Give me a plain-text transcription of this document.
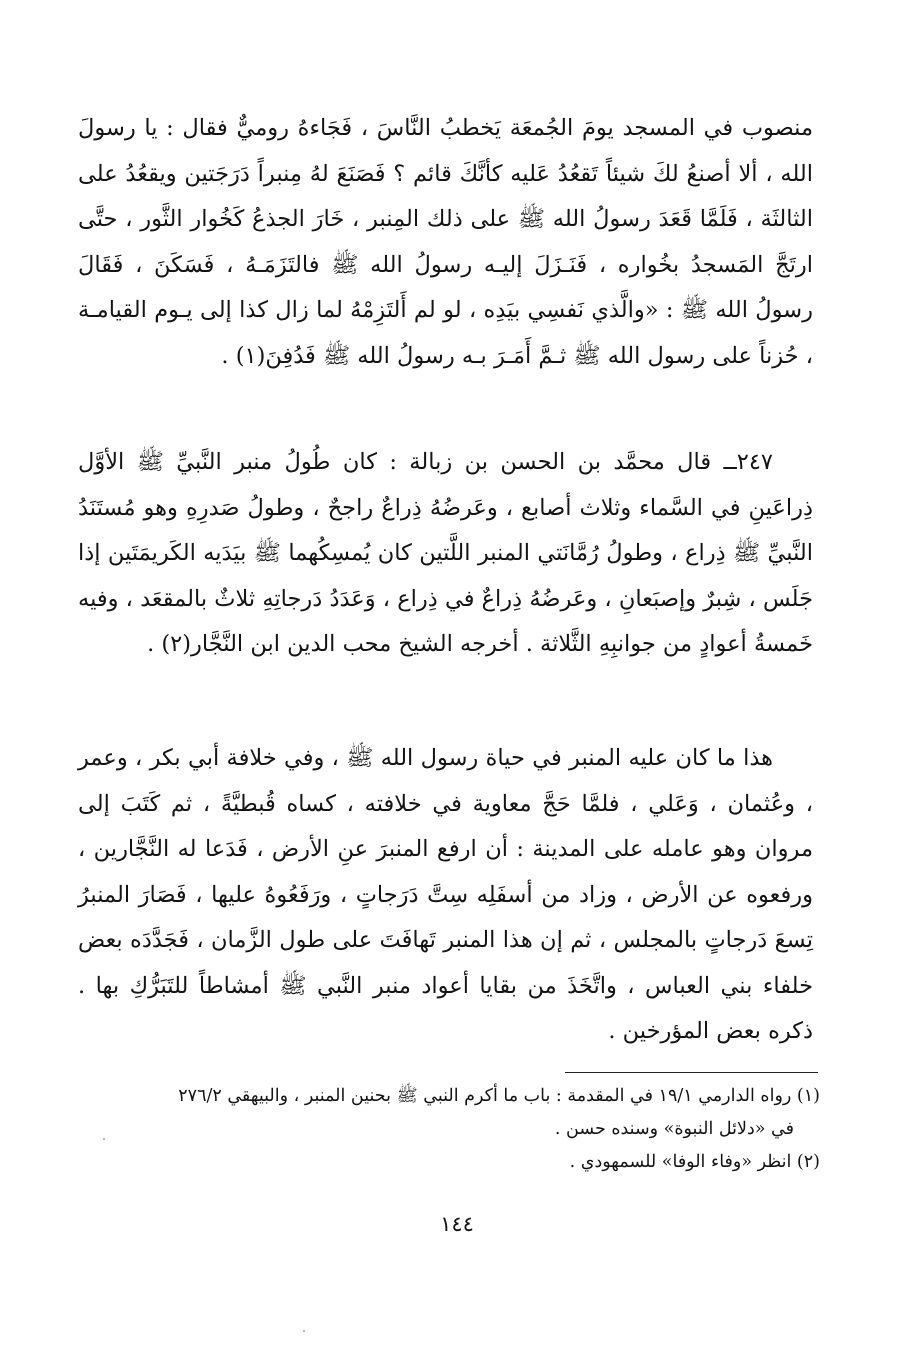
منصوب في المسجد يومَ الجُمعَة يَخطبُ النَّاسَ ، فَجَاءهُ روميٌّ فقال : يا رسولَ الله ، ألا أصنعُ لكَ شيئاً تَقعُدُ عَليه كأنَّكَ قائم ؟ فَصَنَعَ لهُ مِنبراً دَرَجَتين ويقعُدُ على الثالثَة ، فَلَمَّا قَعَدَ رسولُ الله ﷺ على ذلك المِنبر ، خَارَ الجذعُ كَخُوار الثَّور ، حتَّى ارتَجَّ المَسجدُ بخُواره ، فَنَـزَلَ إليـه رسولُ الله ﷺ فالتَزَمَـهُ ، فَسَكَنَ ، فَقَالَ رسولُ الله ﷺ : «والَّذي نَفسِي بيَدِه ، لو لم أَلتَزِمْهُ لما زال كذا إلى يـوم القيامـة ، حُزناً على رسول الله ﷺ ثـمَّ أَمَـرَ بـه رسولُ الله ﷺ فَدُفِنَ(١) .

٢٤٧ــ قال محمَّد بن الحسن بن زبالة : كان طُولُ منبر النَّبيِّ ﷺ الأوَّل ذِراعَينِ في السَّماء وثلاث أصابع ، وعَرضُهُ ذِراعٌ راجحٌ ، وطولُ صَدرِهِ وهو مُستَنَدُ النَّبيِّ ﷺ ذِراع ، وطولُ رُمَّانَتي المنبر اللَّتين كان يُمسِكُهما ﷺ بيَدَيه الكَريمَتَين إذا جَلَس ، شِبرٌ وإصبَعانِ ، وعَرضُهُ ذِراعٌ في ذِراع ، وَعَدَدُ دَرجاتِهِ ثلاثٌ بالمقعَد ، وفيه خَمسةُ أعوادٍ من جوانبِهِ الثَّلاثة . أخرجه الشيخ محب الدين ابن النَّجَّار(٢) .

هذا ما كان عليه المنبر في حياة رسول الله ﷺ ، وفي خلافة أبي بكر ، وعمر ، وعُثمان ، وَعَلي ، فلمَّا حَجَّ معاوية في خلافته ، كساه قُبطيَّةً ، ثم كَتَبَ إلى مروان وهو عامله على المدينة : أن ارفع المنبرَ عنِ الأرض ، فَدَعا له النَّجَّارين ، ورفعوه عن الأرض ، وزاد من أسفَلِه سِتَّ دَرَجاتٍ ، ورَفَعُوهُ عليها ، فَصَارَ المنبرُ تِسعَ دَرجاتٍ بالمجلس ، ثم إن هذا المنبر تَهافَتَ على طول الزَّمان ، فَجَدَّدَه بعض خلفاء بني العباس ، واتَّخَذَ من بقايا أعواد منبر النَّبي ﷺ أمشاطاً للتَبَرُّكِ بها . ذكره بعض المؤرخين .

(١) رواه الدارمي ١٩/١ في المقدمة : باب ما أكرم النبي ﷺ بحنين المنبر ، والبيهقي ٢٧٦/٢

في «دلائل النبوة» وسنده حسن .

(٢) انظر «وفاء الوفا» للسمهودي .

١٤٤
